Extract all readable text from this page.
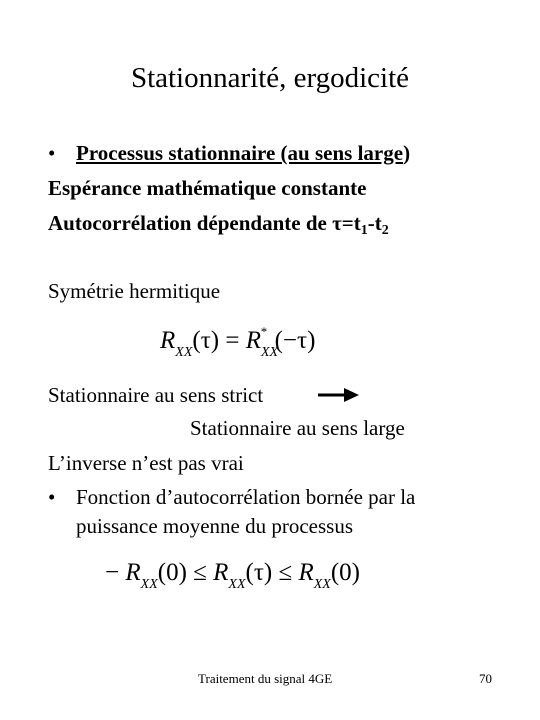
Stationnarité, ergodicité
• Processus stationnaire (au sens large)
Espérance mathématique constante
Autocorrélation dépendante de $\tau=t_1-t_2$
Symétrie hermitique
$R_{XX}(\tau) = R_{XX}^*$ (−τ)
Stationnaire au sens strict
Stationnaire au sens large
L’inverse n’est pas vrai
• Fonction d’autocorrélation bornée par la
puissance moyenne du processus
− $R_{XX}(0) \le R_{XX}(\tau) \le R_{XX}(0)$
Traitement du signal 4GE	70
